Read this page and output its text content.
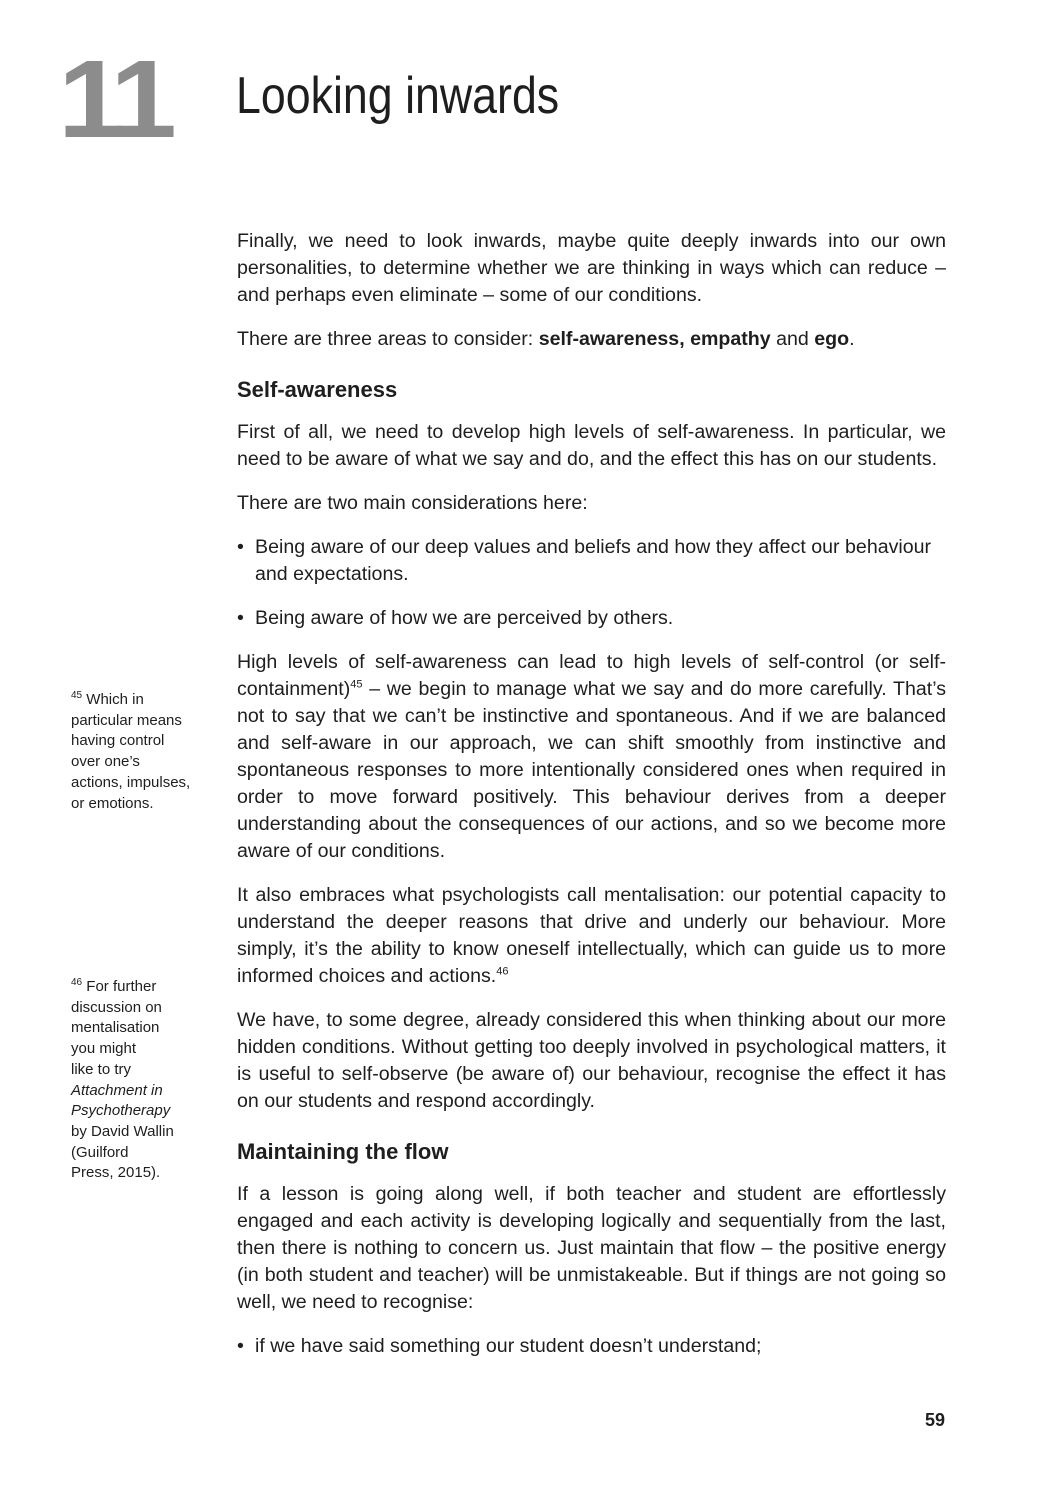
11 Looking inwards

Finally, we need to look inwards, maybe quite deeply inwards into our own personalities, to determine whether we are thinking in ways which can reduce – and perhaps even eliminate – some of our conditions.

There are three areas to consider: self-awareness, empathy and ego.

Self-awareness

First of all, we need to develop high levels of self-awareness. In particular, we need to be aware of what we say and do, and the effect this has on our students.

There are two main considerations here:

• Being aware of our deep values and beliefs and how they affect our behaviour and expectations.
• Being aware of how we are perceived by others.

High levels of self-awareness can lead to high levels of self-control (or self-containment)$^{45}$ – we begin to manage what we say and do more carefully. That’s not to say that we can’t be instinctive and spontaneous. And if we are balanced and self-aware in our approach, we can shift smoothly from instinctive and spontaneous responses to more intentionally considered ones when required in order to move forward positively. This behaviour derives from a deeper understanding about the consequences of our actions, and so we become more aware of our conditions.

It also embraces what psychologists call mentalisation: our potential capacity to understand the deeper reasons that drive and underly our behaviour. More simply, it’s the ability to know oneself intellectually, which can guide us to more informed choices and actions.$^{46}$

We have, to some degree, already considered this when thinking about our more hidden conditions. Without getting too deeply involved in psychological matters, it is useful to self-observe (be aware of) our behaviour, recognise the effect it has on our students and respond accordingly.

Maintaining the flow

If a lesson is going along well, if both teacher and student are effortlessly engaged and each activity is developing logically and sequentially from the last, then there is nothing to concern us. Just maintain that flow – the positive energy (in both student and teacher) will be unmistakeable. But if things are not going so well, we need to recognise:

• if we have said something our student doesn’t understand;
$^{45}$ Which in
particular means
having control
over one’s
actions, impulses,
or emotions.
$^{46}$ For further
discussion on
mentalisation
you might
like to try
Attachment in
Psychotherapy
by David Wallin
(Guilford
Press, 2015).
59
